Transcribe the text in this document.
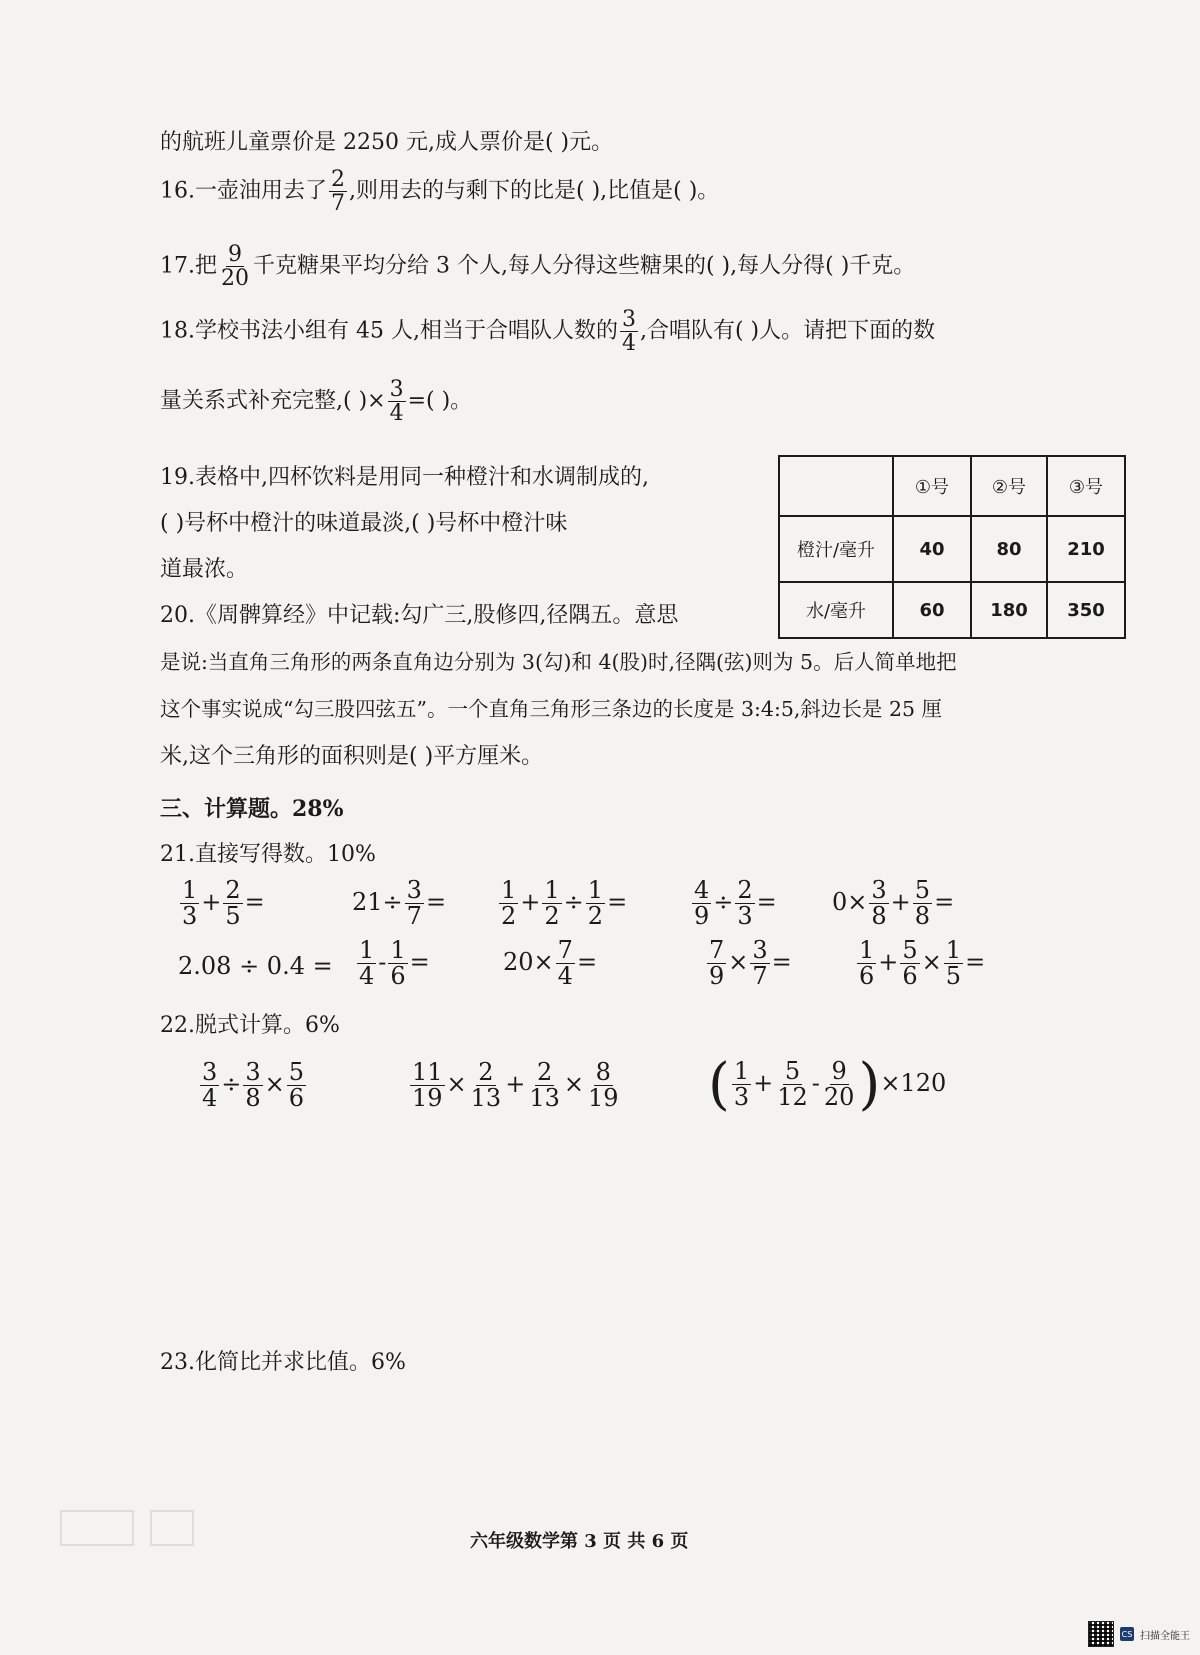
的航班儿童票价是 2250 元,成人票价是( )元。
16.一壶油用去了 $\frac{2}{7}$ ,则用去的与剩下的比是( ),比值是( )。
17.把 $\frac{9}{20}$ 千克糖果平均分给 3 个人,每人分得这些糖果的( ),每人分得( )千克。
18.学校书法小组有 45 人,相当于合唱队人数的 $\frac{3}{4}$ ,合唱队有( )人。请把下面的数
量关系式补充完整,( )× $\frac{3}{4}$ =( )。
19.表格中,四杯饮料是用同一种橙汁和水调制成的,
( )号杯中橙汁的味道最淡,( )号杯中橙汁味
道最浓。
	①号	②号	③号
橙汁/毫升	40	80	210
水/毫升	60	180	350
20.《周髀算经》中记载:勾广三,股修四,径隅五。意思
是说:当直角三角形的两条直角边分别为 3(勾)和 4(股)时,径隅(弦)则为 5。后人简单地把
这个事实说成“勾三股四弦五”。一个直角三角形三条边的长度是 3:4:5,斜边长是 25 厘
米,这个三角形的面积则是( )平方厘米。
三、计算题。28%
21.直接写得数。10%
$\frac{1}{3} + \frac{2}{5}$ =	$21\div \frac{3}{7} = \frac{1}{2} + \frac{1}{2} \div \frac{1}{2}$ =	$\frac{4}{9} \div \frac{2}{3} = 0\times \frac{3}{8} + \frac{5}{8}$ =
$2.08 \div 0.4 = \frac{1}{4} - \frac{1}{6}$ =	$20\times \frac{7}{4}$ =	$\frac{7}{9} \times \frac{3}{7}$ =	$\frac{1}{6} + \frac{5}{6} \times \frac{1}{5}$ =
22.脱式计算。6%
$\frac{3}{4} \div \frac{3}{8} \times \frac{5}{6}$	$\frac{11}{19} \times \frac{2}{13} + \frac{2}{13} \times \frac{8}{19}$ ( $\frac{1}{3} + \frac{5}{12} - \frac{9}{20} )\times 120$
23.化简比并求比值。6%
六年级数学第 3 页 共 6 页
CS 扫描全能王
